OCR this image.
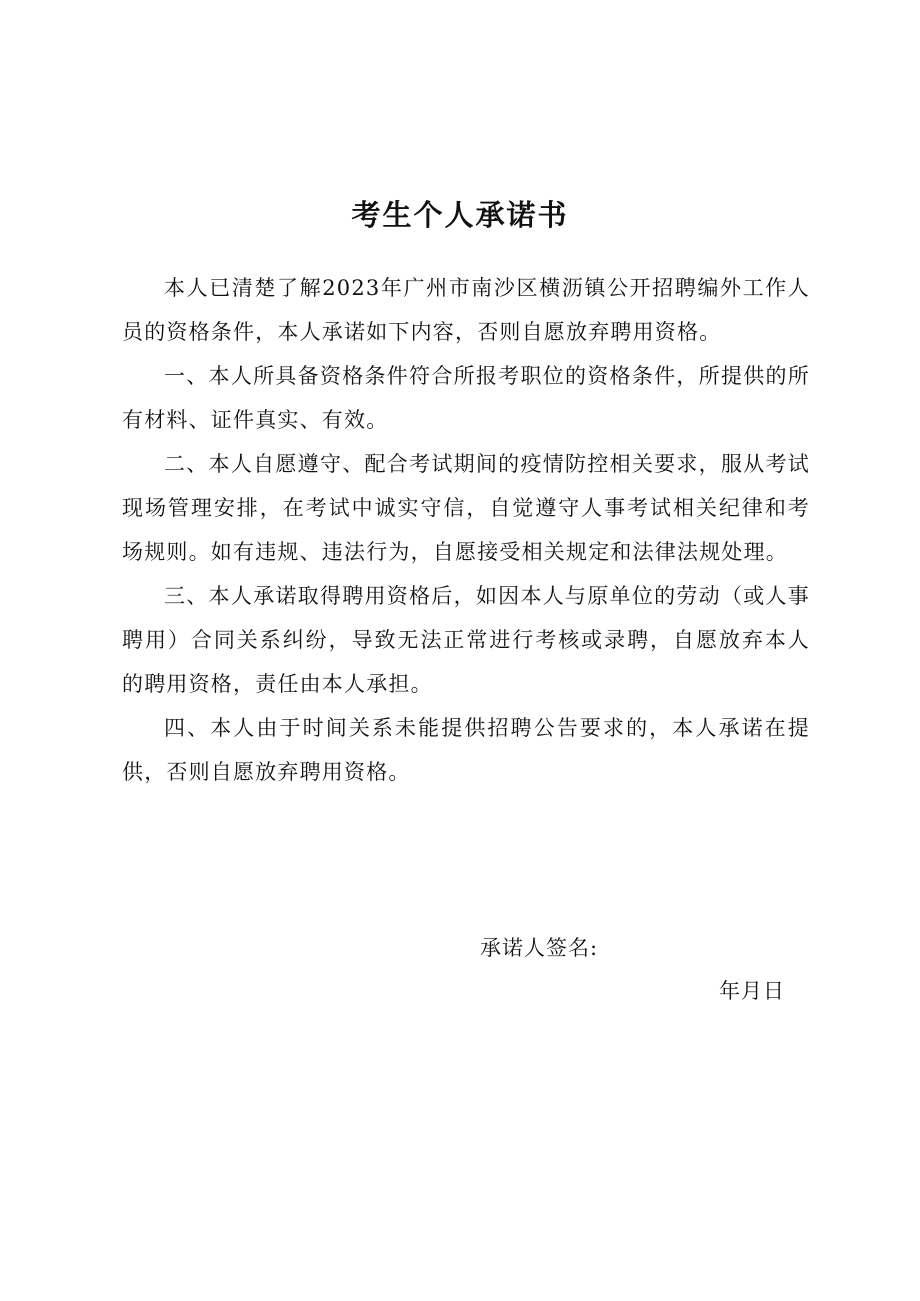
考生个人承诺书

本人已清楚了解2023年广州市南沙区横沥镇公开招聘编外工作人员的资格条件，本人承诺如下内容，否则自愿放弃聘用资格。

一、本人所具备资格条件符合所报考职位的资格条件，所提供的所有材料、证件真实、有效。

二、本人自愿遵守、配合考试期间的疫情防控相关要求，服从考试现场管理安排，在考试中诚实守信，自觉遵守人事考试相关纪律和考场规则。如有违规、违法行为，自愿接受相关规定和法律法规处理。

三、本人承诺取得聘用资格后，如因本人与原单位的劳动（或人事聘用）合同关系纠纷，导致无法正常进行考核或录聘，自愿放弃本人的聘用资格，责任由本人承担。

四、本人由于时间关系未能提供招聘公告要求的，本人承诺在提供，否则自愿放弃聘用资格。

承诺人签名:
年月日
